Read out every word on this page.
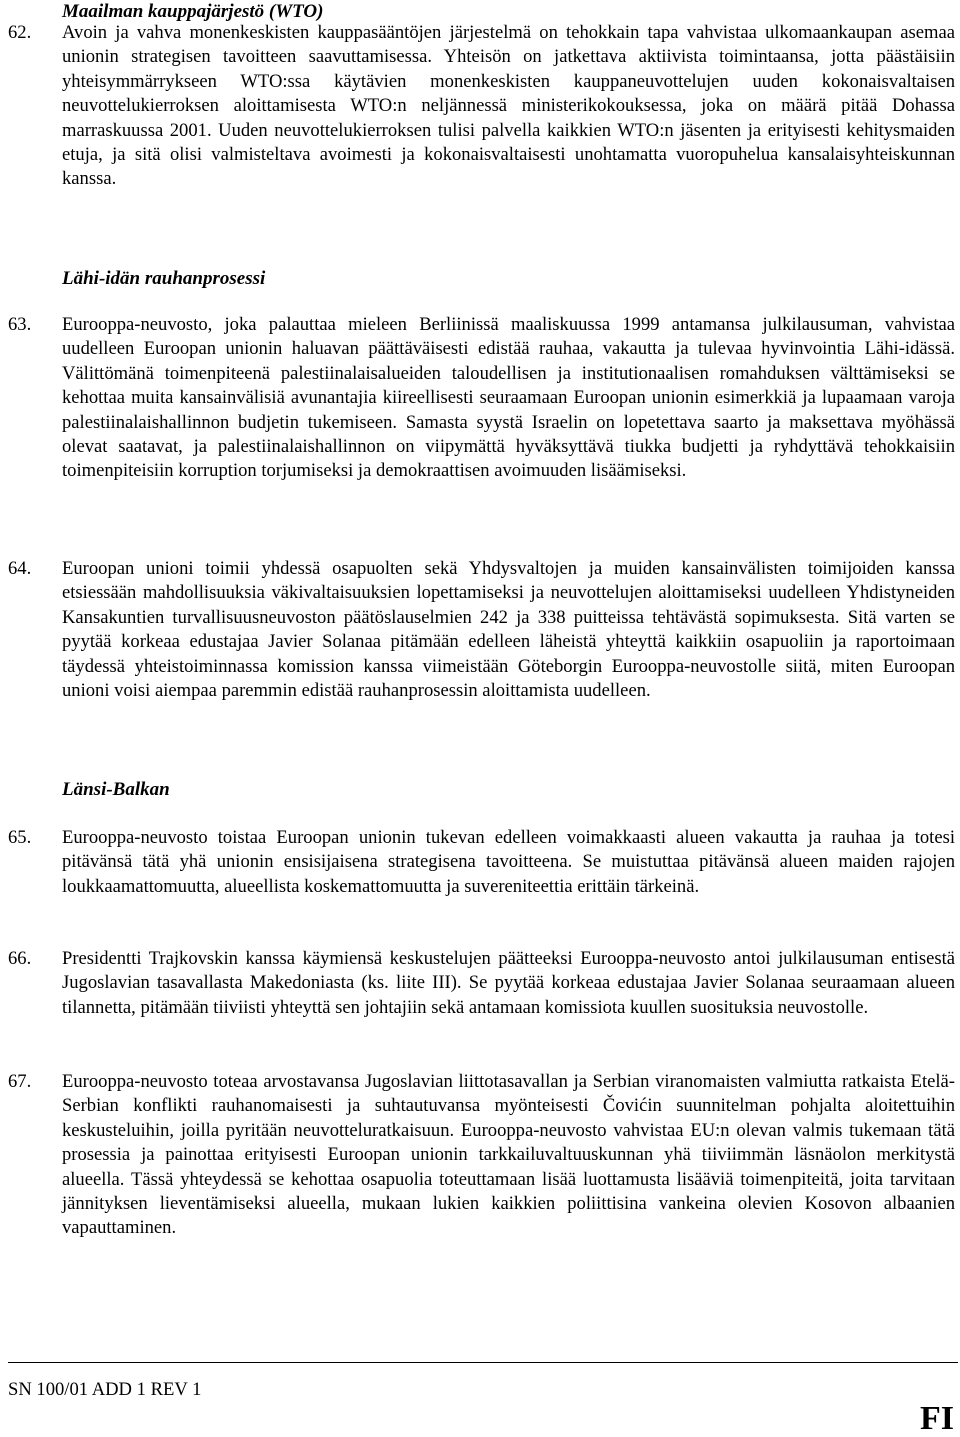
Maailman kauppajärjestö (WTO)
62.	Avoin ja vahva monenkeskisten kauppasääntöjen järjestelmä on tehokkain tapa vahvistaa ulkomaankaupan asemaa unionin strategisen tavoitteen saavuttamisessa. Yhteisön on jatkettava aktiivista toimintaansa, jotta päästäisiin yhteisymmärrykseen WTO:ssa käytävien monenkeskisten kauppaneuvottelujen uuden kokonaisvaltaisen neuvottelukierroksen aloittamisesta WTO:n neljännessä ministerikokouksessa, joka on määrä pitää Dohassa marraskuussa 2001. Uuden neuvottelukierroksen tulisi palvella kaikkien WTO:n jäsenten ja erityisesti kehitysmaiden etuja, ja sitä olisi valmisteltava avoimesti ja kokonaisvaltaisesti unohtamatta vuoropuhelua kansalaisyhteiskunnan kanssa.
Lähi-idän rauhanprosessi
63.	Eurooppa-neuvosto, joka palauttaa mieleen Berliinissä maaliskuussa 1999 antamansa julkilausuman, vahvistaa uudelleen Euroopan unionin haluavan päättäväisesti edistää rauhaa, vakautta ja tulevaa hyvinvointia Lähi-idässä. Välittömänä toimenpiteenä palestiinalaisalueiden taloudellisen ja institutionaalisen romahduksen välttämiseksi se kehottaa muita kansainvälisiä avunantajia kiireellisesti seuraamaan Euroopan unionin esimerkkiä ja lupaamaan varoja palestiinalaishallinnon budjetin tukemiseen. Samasta syystä Israelin on lopetettava saarto ja maksettava myöhässä olevat saatavat, ja palestiinalaishallinnon on viipymättä hyväksyttävä tiukka budjetti ja ryhdyttävä tehokkaisiin toimenpiteisiin korruption torjumiseksi ja demokraattisen avoimuuden lisäämiseksi.
64.	Euroopan unioni toimii yhdessä osapuolten sekä Yhdysvaltojen ja muiden kansainvälisten toimijoiden kanssa etsiessään mahdollisuuksia väkivaltaisuuksien lopettamiseksi ja neuvottelujen aloittamiseksi uudelleen Yhdistyneiden Kansakuntien turvallisuusneuvoston päätöslauselmien 242 ja 338 puitteissa tehtävästä sopimuksesta. Sitä varten se pyytää korkeaa edustajaa Javier Solanaa pitämään edelleen läheistä yhteyttä kaikkiin osapuoliin ja raportoimaan täydessä yhteistoiminnassa komission kanssa viimeistään Göteborgin Eurooppa-neuvostolle siitä, miten Euroopan unioni voisi aiempaa paremmin edistää rauhanprosessin aloittamista uudelleen.
Länsi-Balkan
65.	Eurooppa-neuvosto toistaa Euroopan unionin tukevan edelleen voimakkaasti alueen vakautta ja rauhaa ja totesi pitävänsä tätä yhä unionin ensisijaisena strategisena tavoitteena. Se muistuttaa pitävänsä alueen maiden rajojen loukkaamattomuutta, alueellista koskemattomuutta ja suvereniteettia erittäin tärkeinä.
66.	Presidentti Trajkovskin kanssa käymiensä keskustelujen päätteeksi Eurooppa-neuvosto antoi julkilausuman entisestä Jugoslavian tasavallasta Makedoniasta (ks. liite III). Se pyytää korkeaa edustajaa Javier Solanaa seuraamaan alueen tilannetta, pitämään tiiviisti yhteyttä sen johtajiin sekä antamaan komissiota kuullen suosituksia neuvostolle.
67.	Eurooppa-neuvosto toteaa arvostavansa Jugoslavian liittotasavallan ja Serbian viranomaisten valmiutta ratkaista Etelä-Serbian konflikti rauhanomaisesti ja suhtautuvansa myönteisesti Čovićin suunnitelman pohjalta aloitettuihin keskusteluihin, joilla pyritään neuvotteluratkaisuun. Eurooppa-neuvosto vahvistaa EU:n olevan valmis tukemaan tätä prosessia ja painottaa erityisesti Euroopan unionin tarkkailuvaltuuskunnan yhä tiiviimmän läsnäolon merkitystä alueella. Tässä yhteydessä se kehottaa osapuolia toteuttamaan lisää luottamusta lisääviä toimenpiteitä, joita tarvitaan jännityksen lieventämiseksi alueella, mukaan lukien kaikkien poliittisina vankeina olevien Kosovon albaanien vapauttaminen.
SN 100/01 ADD 1 REV 1
FI
